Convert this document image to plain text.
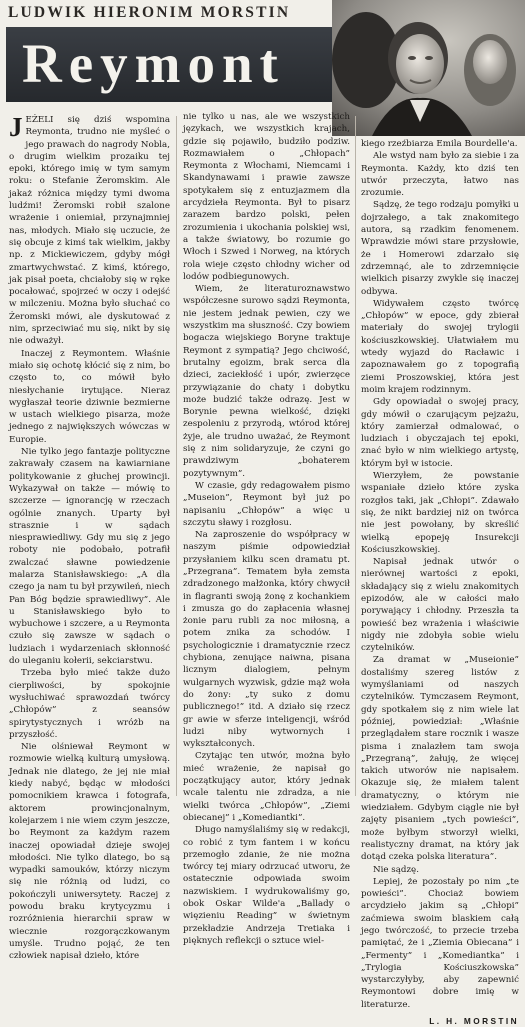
LUDWIK HIERONIM MORSTIN
Reymont

JEŻELI się dziś wspomina Reymonta, trudno nie myśleć o jego prawach do nagrody Nobla, o drugim wielkim prozaiku tej epoki, którego imię w tym samym roku: o Stefanie Żeromskim. Ale jakaż różnica między tymi dwoma ludźmi! Żeromski robił szalone wrażenie i oniemiał, przynajmniej nas, młodych. Miało się uczucie, że się obcuje z kimś tak wielkim, jakby np. z Mickiewiczem, gdyby mógł zmartwychwstać. Z kimś, którego, jak pisał poeta, chciałoby się w ręke pocałować, spojrzeć w oczy i odejść w milczeniu. Można było słuchać co Żeromski mówi, ale dyskutować z nim, sprzeciwiać mu się, nikt by się nie odważył.

Inaczej z Reymontem. Właśnie miało się ochotę kłócić się z nim, bo często to, co mówił było niesłychanie irytujące. Nieraz wygłaszał teorie dziwnie bezmierne w ustach wielkiego pisarza, może jednego z największych wówczas w Europie.

Nie tylko jego fantazje polityczne zakrawały czasem na kawiarniane politykowanie z głuchej prowincji. Wykazywał on także — mówię to szczerze — ignorancję w rzeczach ogólnie znanych. Uparty był strasznie i w sądach niesprawiedliwy. Gdy mu się z jego roboty nie podobało, potrafił zwalczać sławne powiedzenie malarza Stanisławskiego: „A dla czego ja nam tu był przywileń, niech Pan Bóg będzie sprawiedliwy”. Ale u Stanisławskiego było to wybuchowe i szczere, a u Reymonta czuło się zawsze w sądach o ludziach i wydarzeniach skłonność do uleganiu kołerii, sekciarstwu.

Trzeba było mieć także dużo cierpliwości, by spokojnie wysłuchiwać sprawozdań twórcy „Chłopów” z seansów spirytystycznych i wróżb na przyszłość.

Nie olśniewał Reymont w rozmowie wielką kulturą umysłową. Jednak nie dlatego, że jej nie miał kiedy nabyć, będąc w młodości pomocnikiem krawca i fotografa, aktorem prowincjonalnym, kolejarzem i nie wiem czym jeszcze, bo Reymont za każdym razem inaczej opowiadał dzieje swojej młodości. Nie tylko dlatego, bo są wypadki samouków, którzy niczym się nie różnią od ludzi, co pokończyli uniwersytety. Raczej z powodu braku krytycyzmu i rozróżnienia hierarchii spraw w wiecznie rozgorączkowanym umyśle. Trudno pojąć, że ten człowiek napisał dzieło, które

nie tylko u nas, ale we wszystkich językach, we wszystkich krajach, gdzie się pojawiło, budziło podziw. Rozmawiałem o „Chłopach” Reymonta z Włochami, Niemcami i Skandynawami i prawie zawsze spotykałem się z entuzjazmem dla arcydzieła Reymonta. Był to pisarz zarazem bardzo polski, pełen zrozumienia i ukochania polskiej wsi, a także światowy, bo rozumie go Włoch i Szwed i Norweg, na których rola wieje często chłodny wicher od lodów podbiegunowych.

Wiem, że literaturoznawstwo współczesne surowo sądzi Reymonta, nie jestem jednak pewien, czy we wszystkim ma słuszność. Czy bowiem bogacza wiejskiego Boryne traktuje Reymont z sympatią? Jego chciwość, brutalny egoizm, brak serca dla dzieci, zaciekłość i upór, zwierzęce przywiązanie do chaty i dobytku może budzić także odrazę. Jest w Borynie pewna wielkość, dzięki zespoleniu z przyrodą, wtórod której żyje, ale trudno uważać, że Reymont się z nim solidaryzuje, że czyni go prawdziwym „bohaterem pozytywnym”.

W czasie, gdy redagowałem pismo „Museion”, Reymont był już po napisaniu „Chłopów” a więc u szczytu sławy i rozgłosu.

Na zaproszenie do współpracy w naszym piśmie odpowiedział przysłaniem kilku scen dramatu pt. „Przegrana”. Tematem była zemsta zdradzonego małżonka, który chwycił in flagranti swoją żonę z kochankiem i zmusza go do zapłacenia własnej żonie paru rubli za noc miłosną, a potem znika za schodów. I psychologicznie i dramatycznie rzecz chybiona, zenujące naiwna, pisana licznym dialogiem, pełnym wulgarnych wyzwisk, gdzie mąż woła do żony: „ty suko z domu publicznego!” itd. A działo się rzecz gr awie w sferze inteligencji, wśród ludzi niby wytwornych i wykształconych.

Czytając ten utwór, można było mieć wrażenie, że napisał go początkujący autor, który jednak wcale talentu nie zdradza, a nie wielki twórca „Chłopów”, „Ziemi obiecanej” i „Komediantki”.

Długo namyślaliśmy się w redakcji, co robić z tym fantem i w końcu przemogło zdanie, że nie można twórcy tej miary odrzucać utworu, że ostatecznie odpowiada swoim nazwiskiem. I wydrukowaliśmy go, obok Oskar Wilde'a „Ballady o więzieniu Reading” w świetnym przekładzie Andrzeja Tretiaka i pięknych reflekcji o sztuce wiel-

kiego rzeźbiarza Emila Bourdelle'a.

Ale wstyd nam było za siebie i za Reymonta. Każdy, kto dziś ten utwór przeczyta, łatwo nas zrozumie.

Sądzę, że tego rodzaju pomyłki u dojrzałego, a tak znakomitego autora, są rzadkim fenomenem. Wprawdzie mówi stare przysłowie, że i Homerowi zdarzało się zdrzemnąć, ale to zdrzemnięcie wielkich pisarzy zwykle się inaczej odbywa.

Widywałem często twórcę „Chłopów” w epoce, gdy zbierał materiały do swojej trylogii kościuszkowskiej. Ułatwiałem mu wtedy wyjazd do Racławic i zapoznawałem go z topografią ziemi Proszowskiej, która jest moim krajem rodzinnym.

Gdy opowiadał o swojej pracy, gdy mówił o czarującym pejzażu, który zamierzał odmalować, o ludziach i obyczajach tej epoki, znać było w nim wielkiego artystę, którym był w istocie.

Wierzyłem, że powstanie wspaniałe dzieło które zyska rozgłos taki, jak „Chłopi”. Zdawało się, że nikt bardziej niż on twórca nie jest powołany, by skreślić wielką epopeję Insurekcji Kościuszkowskiej.

Napisał jednak utwór o nierównej wartości z epoki, składający się z wielu znakomitych epizodów, ale w całości mało porywający i chłodny. Przeszła ta powieść bez wrażenia i właściwie nigdy nie zdobyła sobie wielu czytelników.

Za dramat w „Museionie” dostaliśmy szereg listów z wymyślaniami od naszych czytelników. Tymczasem Reymont, gdy spotkałem się z nim wiele lat później, powiedział: „Właśnie przeglądałem stare rocznik i wasze pisma i znalazłem tam swoja „Przegraną”, żałuję, że więcej takich utworów nie napisałem. Okazuje się, że miałem talent dramatyczny, o którym nie wiedziałem. Gdybym ciągle nie był zajęty pisaniem „tych powieści”, może byłbym stworzył wielki, realistyczny dramat, na który jak dotąd czeka polska literatura”.

Nie sądzę.

Lepiej, że pozostały po nim „te powieści”. Chociaż bowiem arcydzieło jakim są „Chłopi” zaćmiewa swoim blaskiem całą jego twórczość, to przecie trzeba pamiętać, że i „Ziemia Obiecana” i „Fermenty” i „Komediantka” i „Trylogia Kościuszkowska” wystarczyłyby, aby zapewnić Reymontowi dobre imię w literaturze.

L. H. MORSTIN
